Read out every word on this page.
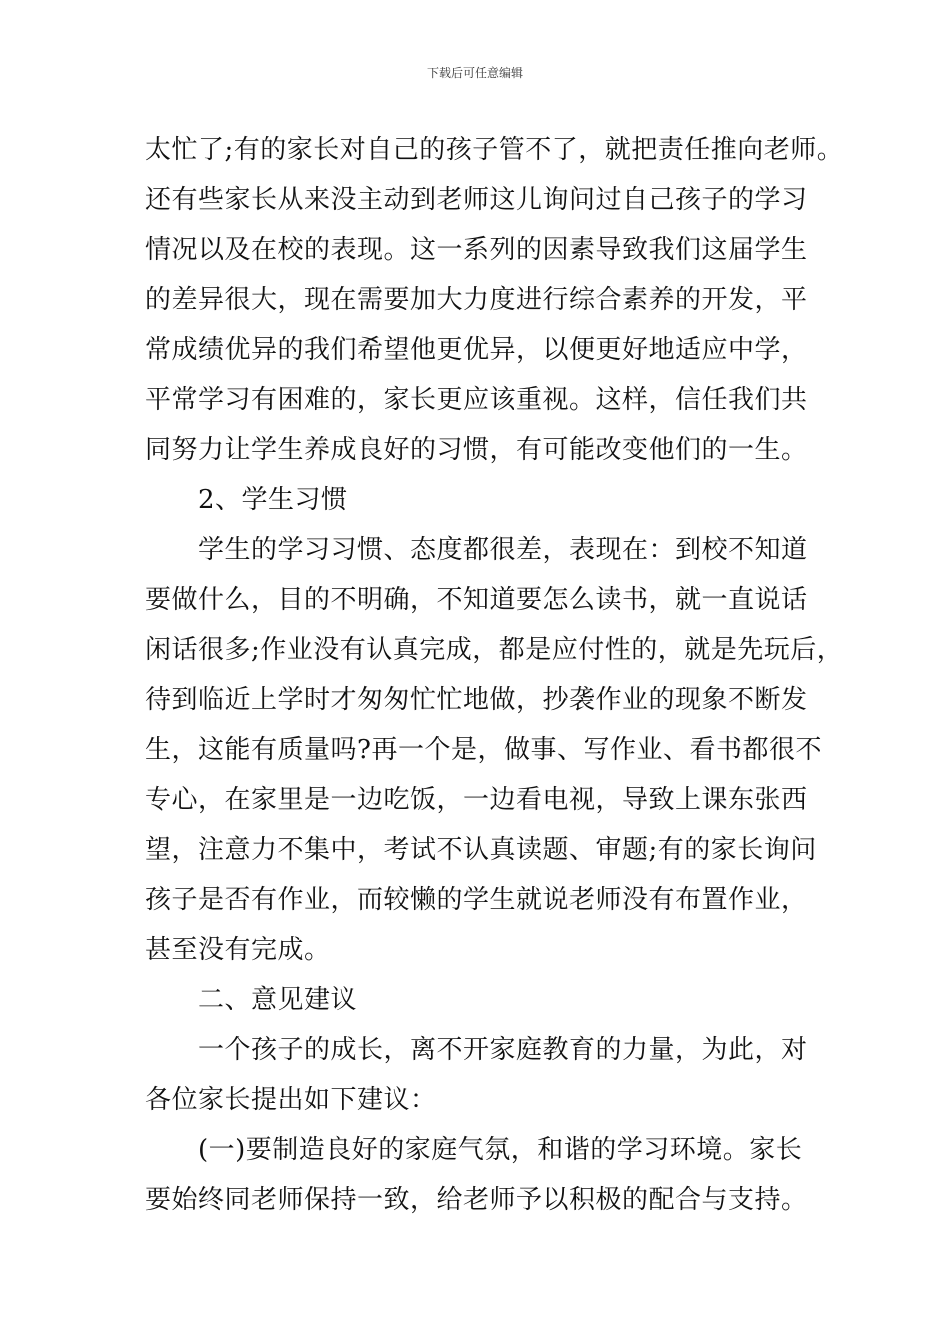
下载后可任意编辑
太忙了;有的家长对自己的孩子管不了，就把责任推向老师。
还有些家长从来没主动到老师这儿询问过自己孩子的学习
情况以及在校的表现。这一系列的因素导致我们这届学生
的差异很大，现在需要加大力度进行综合素养的开发，平
常成绩优异的我们希望他更优异，以便更好地适应中学，
平常学习有困难的，家长更应该重视。这样，信任我们共
同努力让学生养成良好的习惯，有可能改变他们的一生。
2、学生习惯
学生的学习习惯、态度都很差，表现在：到校不知道
要做什么，目的不明确，不知道要怎么读书，就一直说话
闲话很多;作业没有认真完成，都是应付性的，就是先玩后，
待到临近上学时才匆匆忙忙地做，抄袭作业的现象不断发
生，这能有质量吗?再一个是，做事、写作业、看书都很不
专心，在家里是一边吃饭，一边看电视，导致上课东张西
望，注意力不集中，考试不认真读题、审题;有的家长询问
孩子是否有作业，而较懒的学生就说老师没有布置作业，
甚至没有完成。
二、意见建议
一个孩子的成长，离不开家庭教育的力量，为此，对
各位家长提出如下建议：
(一)要制造良好的家庭气氛，和谐的学习环境。家长
要始终同老师保持一致，给老师予以积极的配合与支持。
